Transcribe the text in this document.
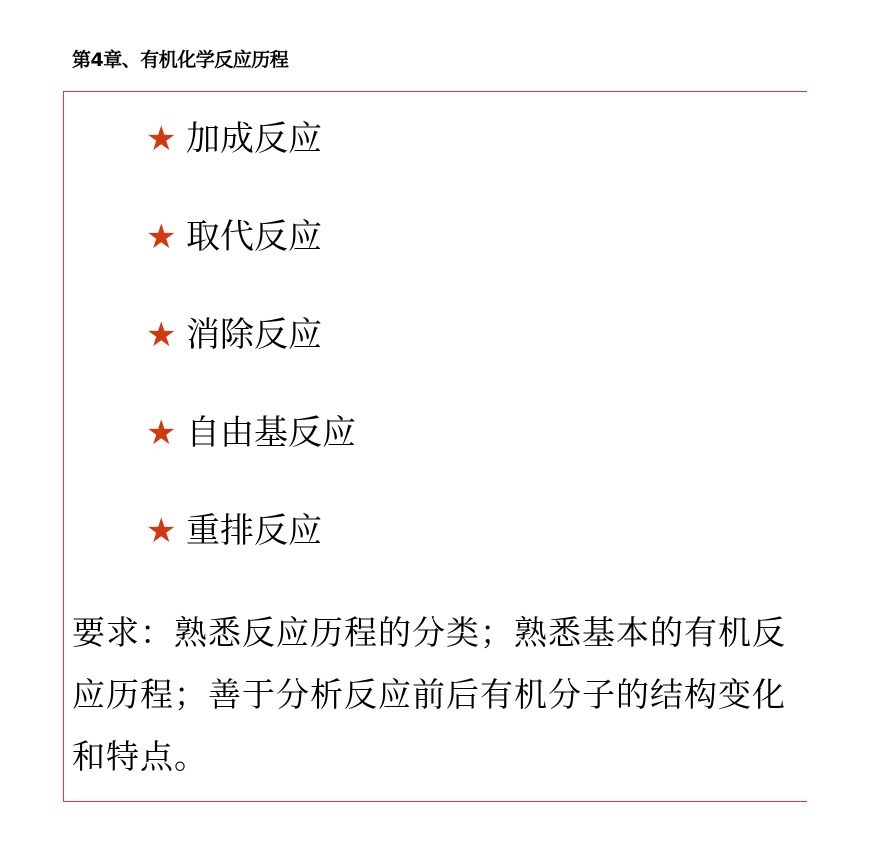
第4章、有机化学反应历程
★ 加成反应
★ 取代反应
★ 消除反应
★ 自由基反应
★ 重排反应

要求：熟悉反应历程的分类；熟悉基本的有机反应历程；善于分析反应前后有机分子的结构变化和特点。
